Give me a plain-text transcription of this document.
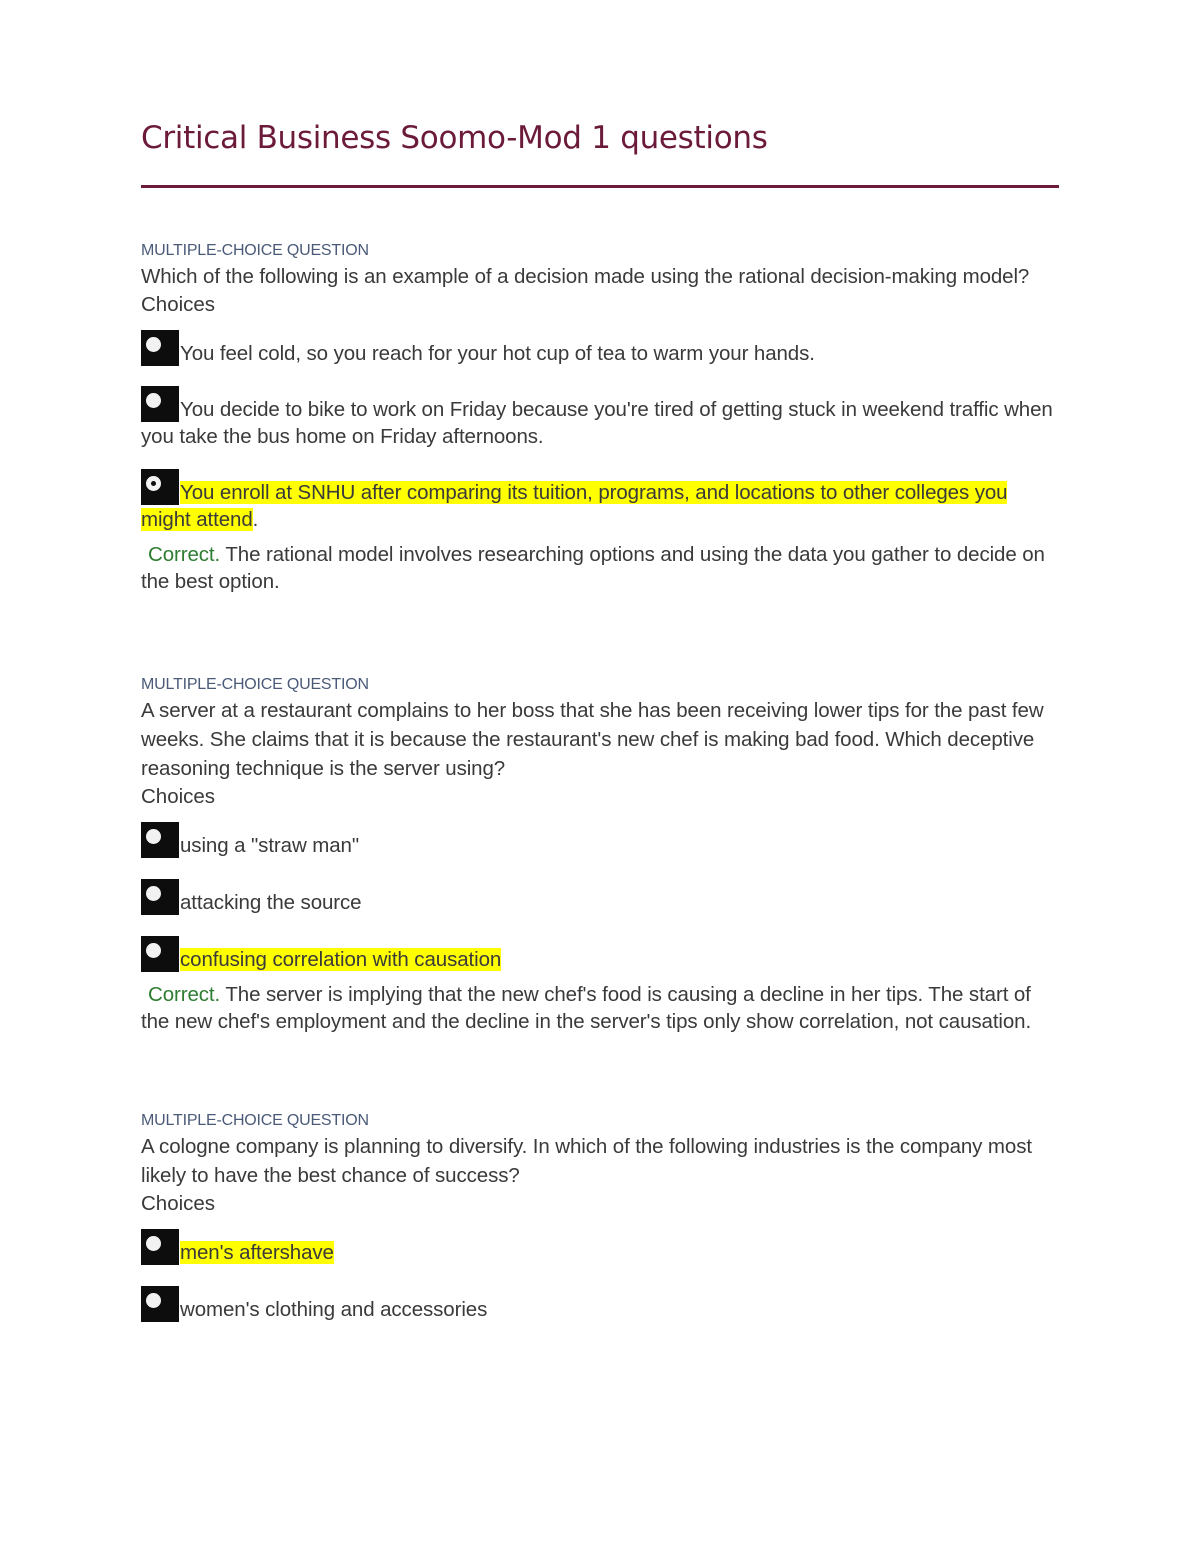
Critical Business Soomo-Mod 1 questions
MULTIPLE-CHOICE QUESTION
Which of the following is an example of a decision made using the rational decision-making model?
Choices
You feel cold, so you reach for your hot cup of tea to warm your hands.
You decide to bike to work on Friday because you're tired of getting stuck in weekend traffic when you take the bus home on Friday afternoons.
You enroll at SNHU after comparing its tuition, programs, and locations to other colleges you might attend.
Correct. The rational model involves researching options and using the data you gather to decide on the best option.
MULTIPLE-CHOICE QUESTION
A server at a restaurant complains to her boss that she has been receiving lower tips for the past few weeks. She claims that it is because the restaurant's new chef is making bad food. Which deceptive reasoning technique is the server using?
Choices
using a "straw man"
attacking the source
confusing correlation with causation
Correct. The server is implying that the new chef's food is causing a decline in her tips. The start of the new chef's employment and the decline in the server's tips only show correlation, not causation.
MULTIPLE-CHOICE QUESTION
A cologne company is planning to diversify. In which of the following industries is the company most likely to have the best chance of success?
Choices
men's aftershave
women's clothing and accessories
